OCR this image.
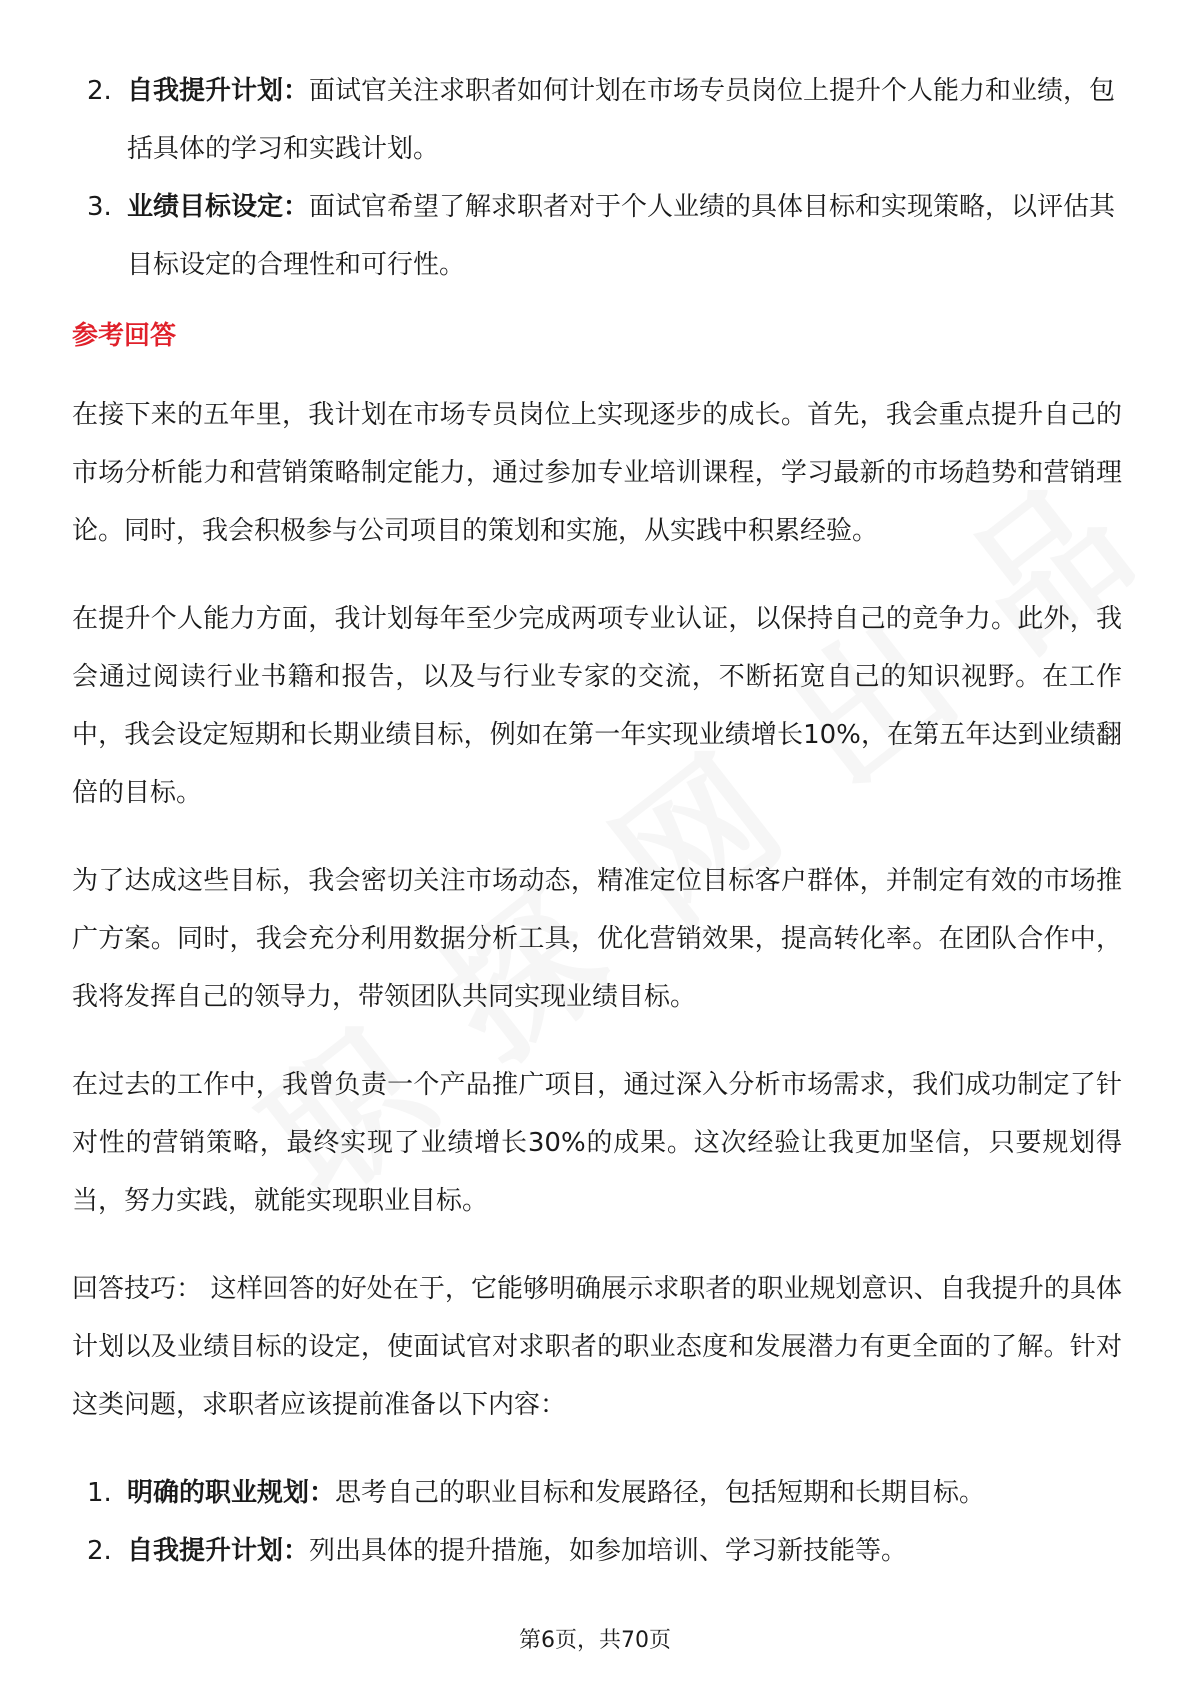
2. 自我提升计划：面试官关注求职者如何计划在市场专员岗位上提升个人能力和业绩，包括具体的学习和实践计划。
3. 业绩目标设定：面试官希望了解求职者对于个人业绩的具体目标和实现策略，以评估其目标设定的合理性和可行性。
参考回答

在接下来的五年里，我计划在市场专员岗位上实现逐步的成长。首先，我会重点提升自己的市场分析能力和营销策略制定能力，通过参加专业培训课程，学习最新的市场趋势和营销理论。同时，我会积极参与公司项目的策划和实施，从实践中积累经验。

在提升个人能力方面，我计划每年至少完成两项专业认证，以保持自己的竞争力。此外，我会通过阅读行业书籍和报告，以及与行业专家的交流，不断拓宽自己的知识视野。在工作中，我会设定短期和长期业绩目标，例如在第一年实现业绩增长10%，在第五年达到业绩翻倍的目标。

为了达成这些目标，我会密切关注市场动态，精准定位目标客户群体，并制定有效的市场推广方案。同时，我会充分利用数据分析工具，优化营销效果，提高转化率。在团队合作中，我将发挥自己的领导力，带领团队共同实现业绩目标。

在过去的工作中，我曾负责一个产品推广项目，通过深入分析市场需求，我们成功制定了针对性的营销策略，最终实现了业绩增长30%的成果。这次经验让我更加坚信，只要规划得当，努力实践，就能实现职业目标。

回答技巧： 这样回答的好处在于，它能够明确展示求职者的职业规划意识、自我提升的具体计划以及业绩目标的设定，使面试官对求职者的职业态度和发展潜力有更全面的了解。针对这类问题，求职者应该提前准备以下内容：

1. 明确的职业规划：思考自己的职业目标和发展路径，包括短期和长期目标。
2. 自我提升计划：列出具体的提升措施，如参加培训、学习新技能等。
第6页，共70页
